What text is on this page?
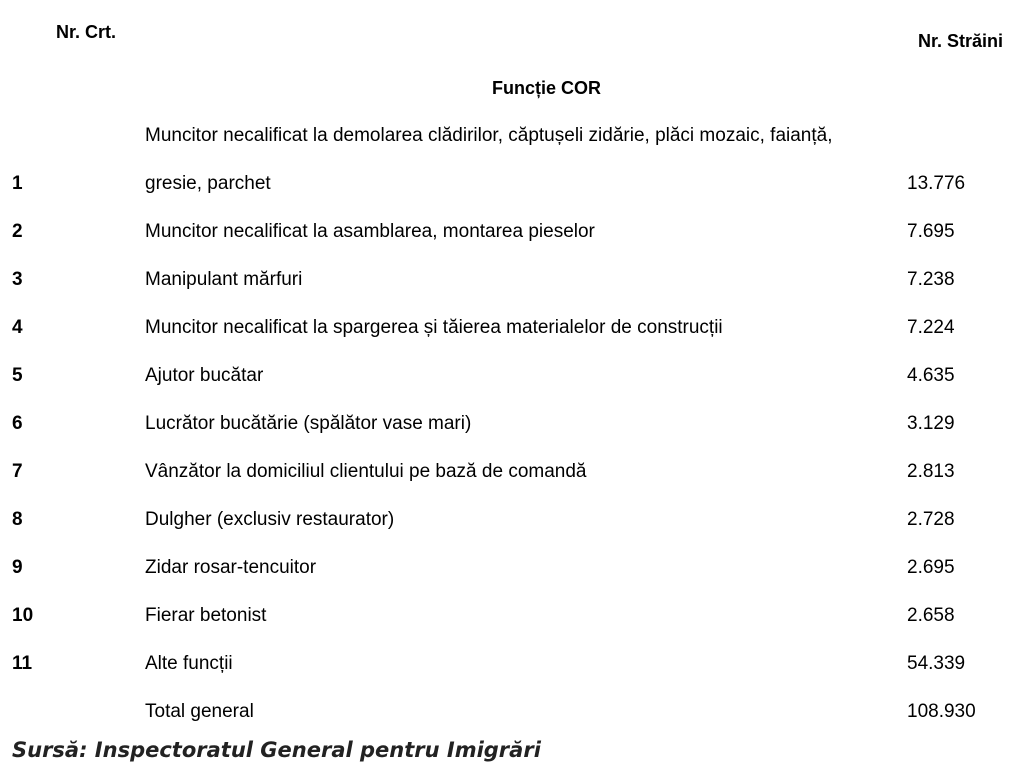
Nr. Crt.	Nr. Străini
Funcție COR
Muncitor necalificat la demolarea clădirilor, căptușeli zidărie, plăci mozaic, faianță,
1	gresie, parchet	13.776
2	Muncitor necalificat la asamblarea, montarea pieselor	7.695
3	Manipulant mărfuri	7.238
4	Muncitor necalificat la spargerea și tăierea materialelor de construcții	7.224
5	Ajutor bucătar	4.635
6	Lucrător bucătărie (spălător vase mari)	3.129
7	Vânzător la domiciliul clientului pe bază de comandă	2.813
8	Dulgher (exclusiv restaurator)	2.728
9	Zidar rosar-tencuitor	2.695
10	Fierar betonist	2.658
11	Alte funcții	54.339
Total general	108.930
Sursă: Inspectoratul General pentru Imigrări
